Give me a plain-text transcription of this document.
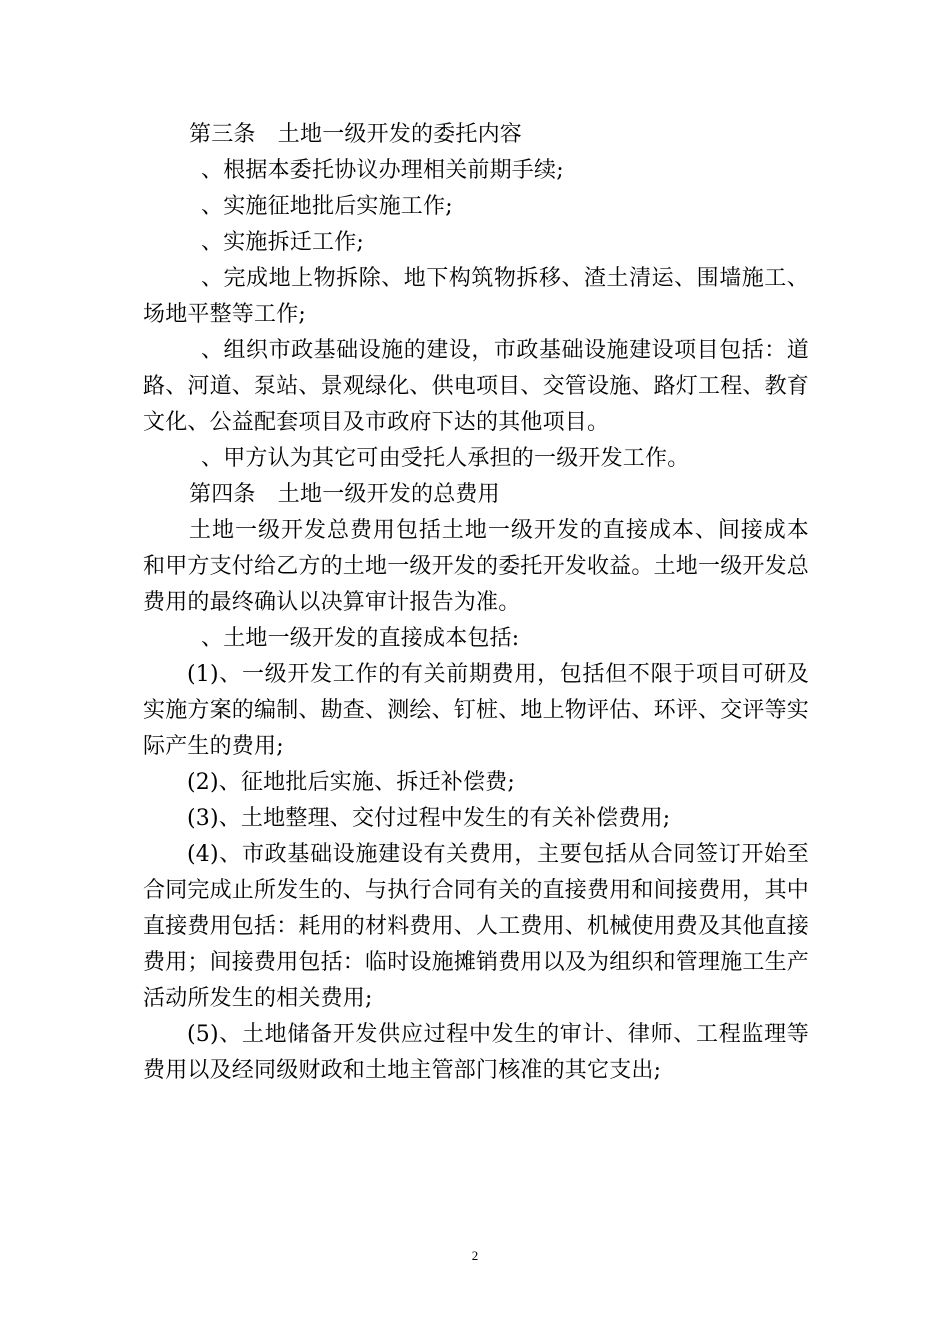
第三条　土地一级开发的委托内容

、根据本委托协议办理相关前期手续;

、实施征地批后实施工作;

、实施拆迁工作;

、完成地上物拆除、地下构筑物拆移、渣土清运、围墙施工、场地平整等工作;

、组织市政基础设施的建设，市政基础设施建设项目包括：道路、河道、泵站、景观绿化、供电项目、交管设施、路灯工程、教育文化、公益配套项目及市政府下达的其他项目。

、甲方认为其它可由受托人承担的一级开发工作。

第四条　土地一级开发的总费用

土地一级开发总费用包括土地一级开发的直接成本、间接成本和甲方支付给乙方的土地一级开发的委托开发收益。土地一级开发总费用的最终确认以决算审计报告为准。

、土地一级开发的直接成本包括:

(1)、一级开发工作的有关前期费用，包括但不限于项目可研及实施方案的编制、勘查、测绘、钉桩、地上物评估、环评、交评等实际产生的费用;

(2)、征地批后实施、拆迁补偿费;

(3)、土地整理、交付过程中发生的有关补偿费用;

(4)、市政基础设施建设有关费用，主要包括从合同签订开始至合同完成止所发生的、与执行合同有关的直接费用和间接费用，其中直接费用包括：耗用的材料费用、人工费用、机械使用费及其他直接费用；间接费用包括：临时设施摊销费用以及为组织和管理施工生产活动所发生的相关费用;

(5)、土地储备开发供应过程中发生的审计、律师、工程监理等费用以及经同级财政和土地主管部门核准的其它支出;

2
